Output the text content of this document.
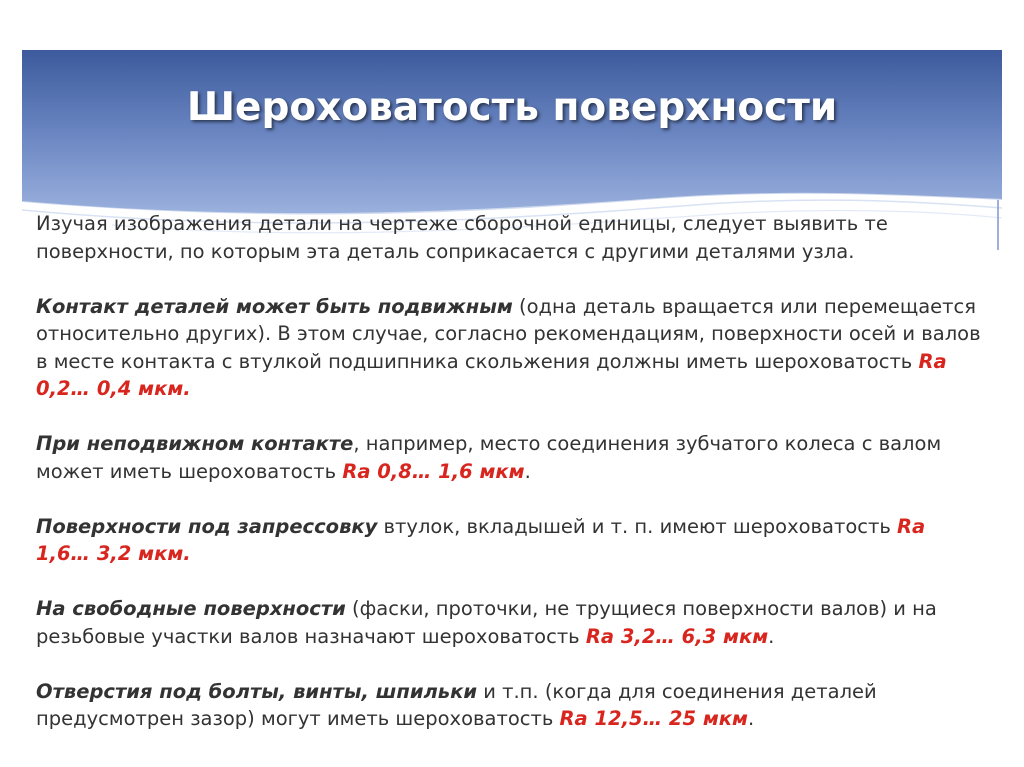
Шероховатость поверхности

Изучая изображения детали на чертеже сборочной единицы, следует выявить те поверхности, по которым эта деталь соприкасается с другими деталями узла.

Контакт деталей может быть подвижным (одна деталь вращается или перемещается относительно других). В этом случае, согласно рекомендациям, поверхности осей и валов в месте контакта с втулкой подшипника скольжения должны иметь шероховатость Ra 0,2… 0,4 мкм.

При неподвижном контакте, например, место соединения зубчатого колеса с валом может иметь шероховатость Ra 0,8… 1,6 мкм.

Поверхности под запрессовку втулок, вкладышей и т. п. имеют шероховатость Ra 1,6… 3,2 мкм.

На свободные поверхности (фаски, проточки, не трущиеся поверхности валов) и на резьбовые участки валов назначают шероховатость Ra 3,2… 6,3 мкм.

Отверстия под болты, винты, шпильки и т.п. (когда для соединения деталей предусмотрен зазор) могут иметь шероховатость Ra 12,5… 25 мкм.
